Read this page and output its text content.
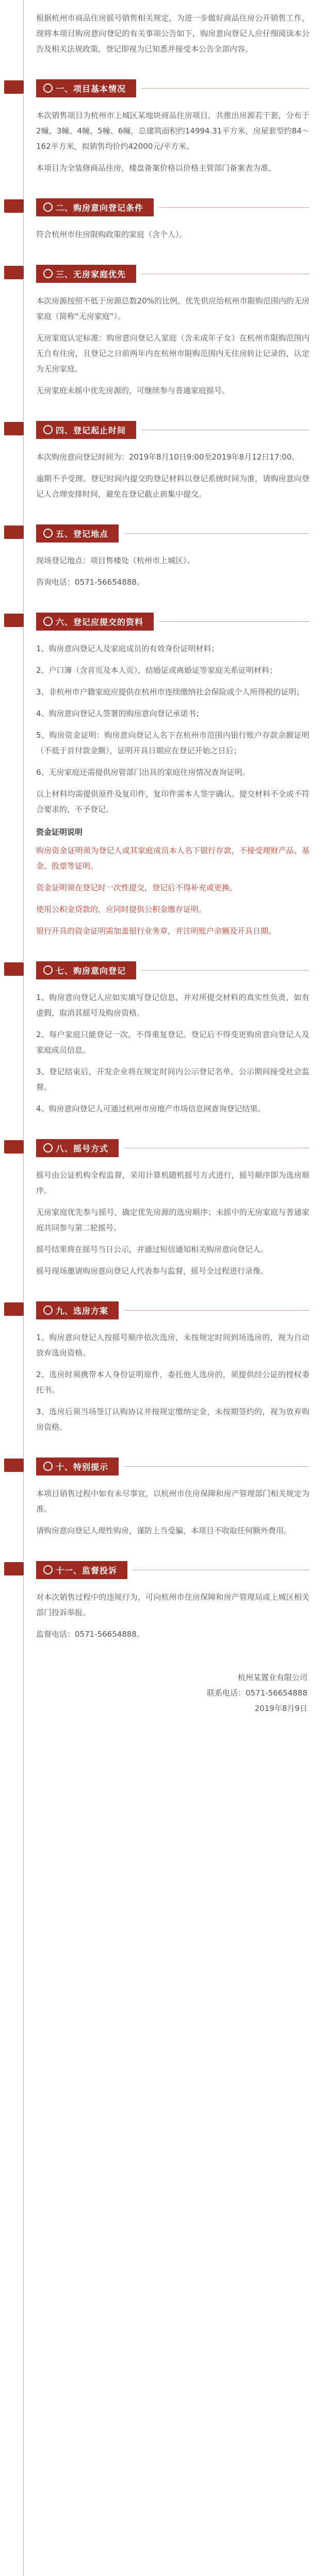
根据杭州市商品住房摇号销售相关规定，为进一步做好商品住房公开销售工作，现将本项目购房意向登记的有关事项公告如下，购房意向登记人应仔细阅读本公告及相关法规政策，登记即视为已知悉并接受本公告全部内容。
一、项目基本情况

本次销售项目为杭州市上城区某地块商品住房项目，共推出房源若干套，分布于2幢、3幢、4幢、5幢、6幢，总建筑面积约14994.31平方米，房屋套型约84～162平方米，拟销售均价约42000元/平方米。

本项目为全装修商品住房，楼盘备案价格以价格主管部门备案表为准。

二、购房意向登记条件

符合杭州市住房限购政策的家庭（含个人）。

三、无房家庭优先

本次房源按照不低于房源总数20%的比例，优先供应给杭州市限购范围内的无房家庭（简称“无房家庭”）。

无房家庭认定标准：购房意向登记人家庭（含未成年子女）在杭州市限购范围内无自有住房，且登记之日前两年内在杭州市限购范围内无住房转让记录的，认定为无房家庭。

无房家庭未摇中优先房源的，可继续参与普通家庭摇号。

四、登记起止时间

本次购房意向登记时间为：2019年8月10日9:00至2019年8月12日17:00。

逾期不予受理。登记时间内提交的登记材料以登记系统时间为准，请购房意向登记人合理安排时间，避免在登记截止前集中提交。

五、登记地点

现场登记地点：项目售楼处（杭州市上城区）。

咨询电话：0571-56654888。

六、登记应提交的资料

1、购房意向登记人及家庭成员的有效身份证明材料；

2、户口簿（含首页及本人页）、结婚证或离婚证等家庭关系证明材料；

3、非杭州市户籍家庭应提供在杭州市连续缴纳社会保险或个人所得税的证明；

4、购房意向登记人签署的购房意向登记承诺书；

5、购房资金证明：购房意向登记人名下在杭州市范围内银行账户存款余额证明（不低于首付款金额），证明开具日期应在登记开始之日后；

6、无房家庭还需提供房管部门出具的家庭住房情况查询证明。

以上材料均需提供原件及复印件，复印件需本人签字确认。提交材料不全或不符合要求的，不予登记。

资金证明说明

购房资金证明须为登记人或其家庭成员本人名下银行存款，不接受理财产品、基金、股票等证明。

资金证明须在登记时一次性提交，登记后不得补充或更换。

使用公积金贷款的，应同时提供公积金缴存证明。

银行开具的资金证明需加盖银行业务章，并注明账户余额及开具日期。

七、购房意向登记

1、购房意向登记人应如实填写登记信息，并对所提交材料的真实性负责，如有虚假，取消其摇号及购房资格。

2、每户家庭只能登记一次，不得重复登记。登记后不得变更购房意向登记人及家庭成员信息。

3、登记结束后，开发企业将在规定时间内公示登记名单，公示期间接受社会监督。

4、购房意向登记人可通过杭州市房地产市场信息网查询登记结果。

八、摇号方式

摇号由公证机构全程监督，采用计算机随机摇号方式进行，摇号顺序即为选房顺序。

无房家庭优先参与摇号，确定优先房源的选房顺序；未摇中的无房家庭与普通家庭共同参与第二轮摇号。

摇号结果将在摇号当日公示，并通过短信通知相关购房意向登记人。

摇号现场邀请购房意向登记人代表参与监督，摇号全过程进行录像。

九、选房方案

1、购房意向登记人按摇号顺序依次选房，未按规定时间到场选房的，视为自动放弃选房资格。

2、选房时须携带本人身份证明原件，委托他人选房的，须提供经公证的授权委托书。

3、选房后须当场签订认购协议并按规定缴纳定金，未按期签约的，视为放弃购房资格。

十、特别提示

本项目销售过程中如有未尽事宜，以杭州市住房保障和房产管理部门相关规定为准。

请购房意向登记人理性购房，谨防上当受骗，本项目不收取任何额外费用。

十一、监督投诉

对本次销售过程中的违规行为，可向杭州市住房保障和房产管理局或上城区相关部门投诉举报。

监督电话：0571-56654888。

杭州某置业有限公司
联系电话：0571-56654888
2019年8月9日
